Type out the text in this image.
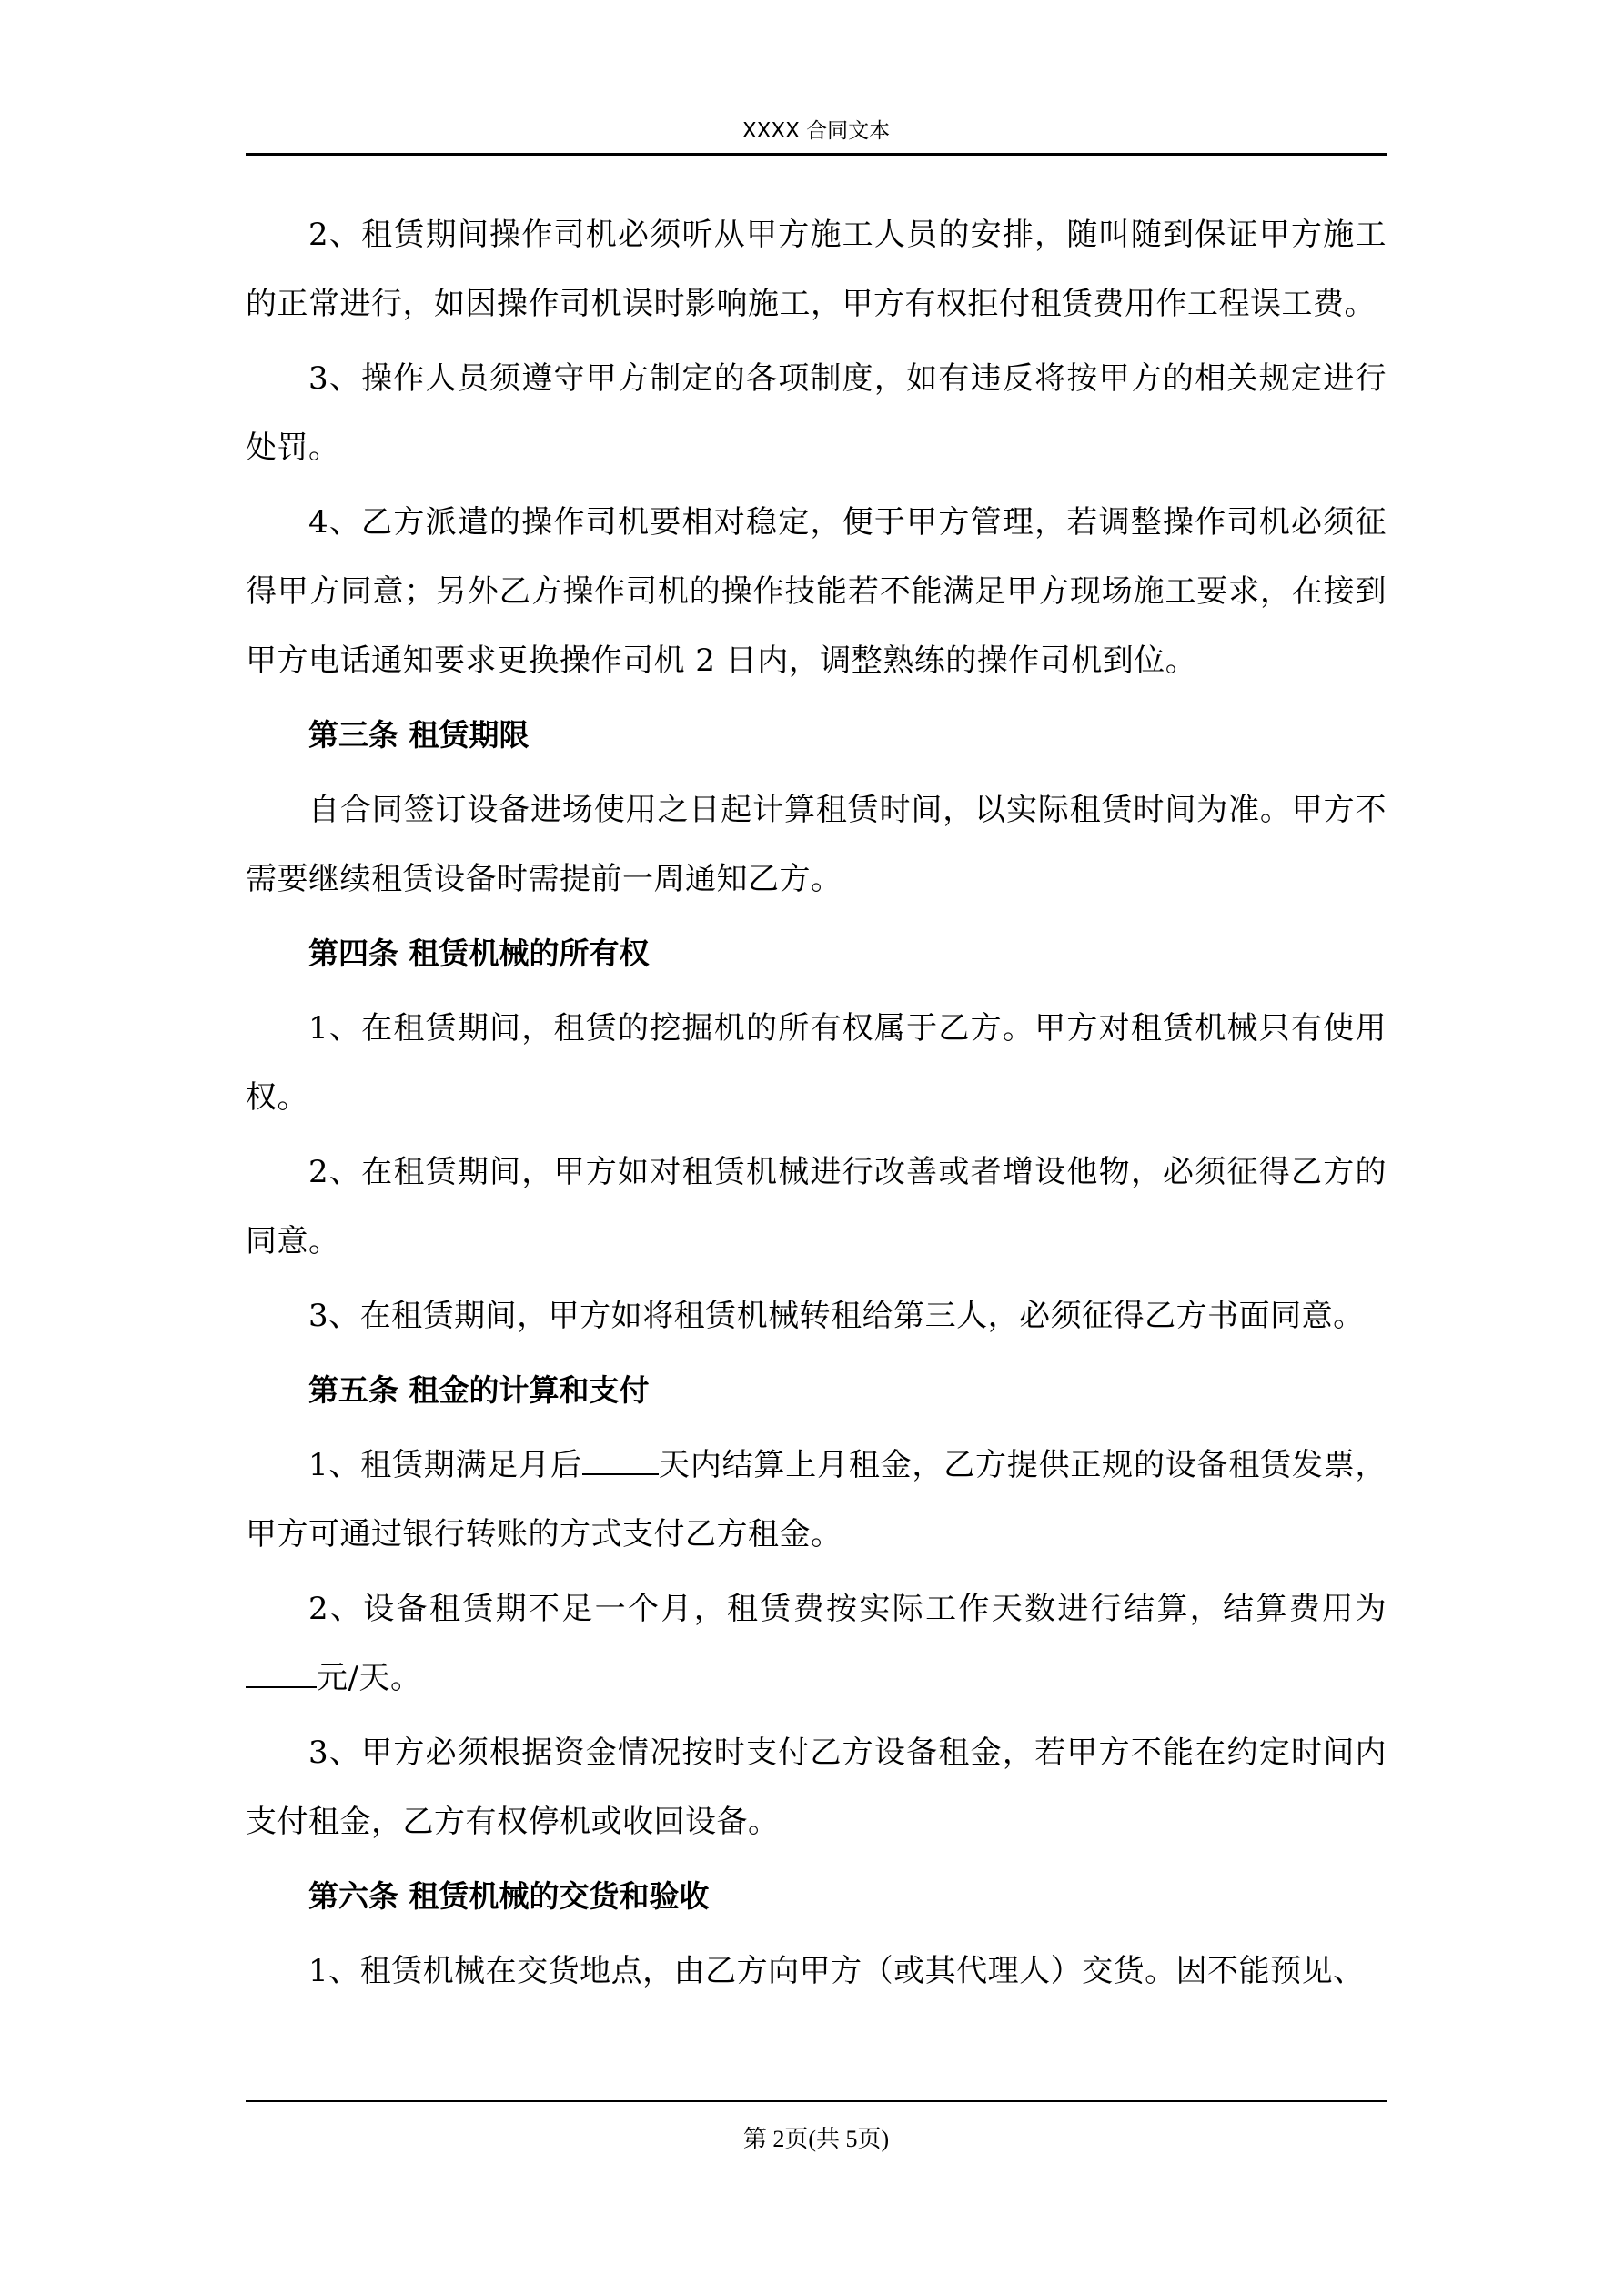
XXXX 合同文本

2、租赁期间操作司机必须听从甲方施工人员的安排，随叫随到保证甲方施工的正常进行，如因操作司机误时影响施工，甲方有权拒付租赁费用作工程误工费。

3、操作人员须遵守甲方制定的各项制度，如有违反将按甲方的相关规定进行处罚。

4、乙方派遣的操作司机要相对稳定，便于甲方管理，若调整操作司机必须征得甲方同意；另外乙方操作司机的操作技能若不能满足甲方现场施工要求，在接到甲方电话通知要求更换操作司机 2 日内，调整熟练的操作司机到位。

第三条 租赁期限

自合同签订设备进场使用之日起计算租赁时间，以实际租赁时间为准。甲方不需要继续租赁设备时需提前一周通知乙方。

第四条 租赁机械的所有权

1、在租赁期间，租赁的挖掘机的所有权属于乙方。甲方对租赁机械只有使用权。

2、在租赁期间，甲方如对租赁机械进行改善或者增设他物，必须征得乙方的同意。

3、在租赁期间，甲方如将租赁机械转租给第三人，必须征得乙方书面同意。

第五条 租金的计算和支付

1、租赁期满足月后 天内结算上月租金，乙方提供正规的设备租赁发票，甲方可通过银行转账的方式支付乙方租金。

2、设备租赁期不足一个月，租赁费按实际工作天数进行结算，结算费用为元/天。

3、甲方必须根据资金情况按时支付乙方设备租金，若甲方不能在约定时间内支付租金，乙方有权停机或收回设备。

第六条 租赁机械的交货和验收

1、租赁机械在交货地点，由乙方向甲方（或其代理人）交货。因不能预见、

第 2页(共 5页)
